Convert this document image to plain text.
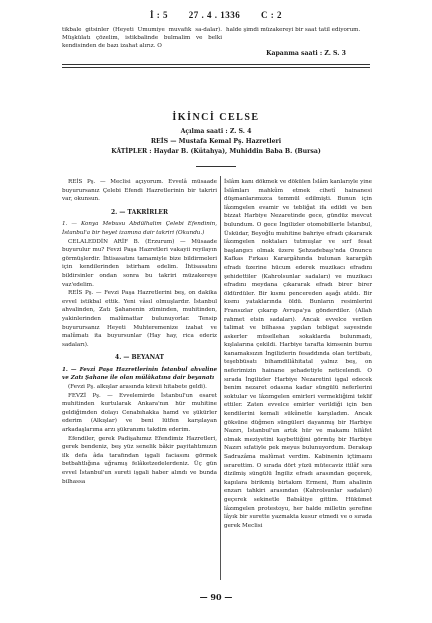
İ : 5 27 . 4 . 1336 C : 2
tikbale gitsinler (Heyeti Umumiye muvafık sa-dalar). Müşkülatı çözelim, istikbalinde bulmalim ve belki kendisinden de bazı izahat alırız. O
halde şimdi müzakereyi bir saat tatil ediyorum.
Kapanma saati : Z. S. 3
İKİNCİ CELSE
Açılma saati : Z. S. 4
REİS — Mustafa Kemal Pş. Hazretleri
KÂTİPLER : Haydar B. (Kütahya), Muhiddin Baba B. (Bursa)

REİS Pş. — Meclisi açıyorum. Evvelâ müsaade buyurursanız Çelebi Efendi Hazretlerinin bir takriri var, okunsun.

2. — TAKRİRLER

1. — Konya Mebusu Abdülhalim Çelebi Efendinin, İstanbul'a bir heyet izamına dair takriri (Okundu.)

CELALEDDİN ARİF B. (Erzurum) — Müsaade buyurulur mu? Fevzi Paşa Hazretleri vakayii reyilayın görmüşlerdir. İhtisasatını tamamiyle bize bildirmeleri için kendilerinden istirham edelim. İhtisasatını bildirsinler ondan sonra bu takriri müzakereye vaz'edelim.

REİS Pş. — Fevzi Paşa Hazretlerini beş, on dakika evvel istikbal ettik. Yeni vâsıl olmuşlardır. İstanbul ahvalinden, Zatı Şahanenin züminden, muhitinden, yakinlerinden malûmattar bulunuyorlar. Tensip buyurursanız Heyeti Muhteremenize izahat ve malûmatı ita buyursunlar (Hay hay, rica ederiz sadaları).

4. — BEYANAT

1. — Fevzi Paşa Hazretlerinin İstanbul ahvaline ve Zatı Şahane ile olan mülâkatına dair beyanatı

(Fevzi Pş. alkışlar arasında kürsii hitabete geldi).

FEVZİ Pş. — Evvelemirde İstanbul'un esaret muhitinden kurtularak Ankara'nın hür muhitine geldiğimden dolayı Cenabıhakka hamd ve şükürler ederim (Alkışlar) ve beni lütfen karşılayan arkadaşlarıma arzı şükranımı takdim ederim.

Efendiler, gerek Padişahımız Efendimiz Hazretleri, gerek bendeniz, beş yüz senelik bâkir payitahtımızın ilk defa âda tarafından işgali faciasını görmek betbahtlığına uğramış felâketzedelerdeniz. Üç gün evvel İstanbul'un sureti işgali haber alındı ve bunda bilhassa

İslâm kanı dökmek ve dökülen İslâm kanlarıyle yine İslâmları mahkûm etmek cihetî hainanesi düşmanlarımızca temmül edilmişti. Bunun için lâzımgelen evamir ve tebliğat ifa edildi ve ben bizzat Harbiye Nezaretinde gece, gündüz mevcut bulundum. O gece İngilizler otomobillerle İstanbul, Üsküdar, Beyoğlu muhitine bahriye efradı çıkararak lâzımgelen noktaları tutmuşlar ve sırf fesat başlangıcı olmak üzere Şehzadebaşı'nda Onuncu Kafkas Fırkası Karargâhında bulunan karargâh efradı üzerine hücum ederek muzikacı efradını şehidettiler (Kahrolsunlar sadaları) ve muzikacı efradını meydana çıkararak efradı birer birer öldürdüler. Bir kısmı pencereden aşağı atıldı. Bir kısmı yataklarında öldü. Bunların resimlerini Fransızlar çıkarıp Avrupa'ya gönderdiler. (Allah rahmet etsin sadaları). Ancak evvelce verilen talimat ve bilhassa yapılan tebligat sayesinde askerler müsellehan sokaklarda bulunmadı, kışlalarına çekildi. Harbiye tarafta kimsenin burnu kanamaksızın İngilizlerin fesaddında olan tertibatı, teşebbüsatı bihamdillâhitatal yalnız beş, on neferimizin hainane şehadetiyle neticelendi. O sırada İngilizler Harbiye Nezaretini işgal edecek benim nezaret odasına kadar süngülü neferlerini soktular ve lâzımgelen emirleri vermekliğimi teklif ettiler. Zaten evvelce emirler verildiği için ben kendilerini kemali sükûnetle karşıladım. Ancak göksüne düğmen süngüleri dayanmış bir Harbiye Nazırı, İstanbul'un artık hür ve makamı hilâfet olmak meziyetini kaybettiğini görmüş bir Harbiye Nazırı sıfatiyle pek meyus bulunuyordum. Derakap Sadrazâma malûmat verdim. Kabinenin içtimaını ısrarettim. O sırada dört yüzü mütecaviz itilâf sıra dizilmiş süngülü İngiliz efradı arasından geçerek, kapılara birikmiş birtakım Ermeni, Rum ahalinin enzarı tahkiri arasından (Kahrolsunlar sadaları) geçerek sekinetle Babıâliye gittim. Hükümet lâzımgelen protestoyu, her halde milletin şerefine lâyık bir surette yazmakta kusur etmedi ve o sırada gerek Meclisi

— 90 —
